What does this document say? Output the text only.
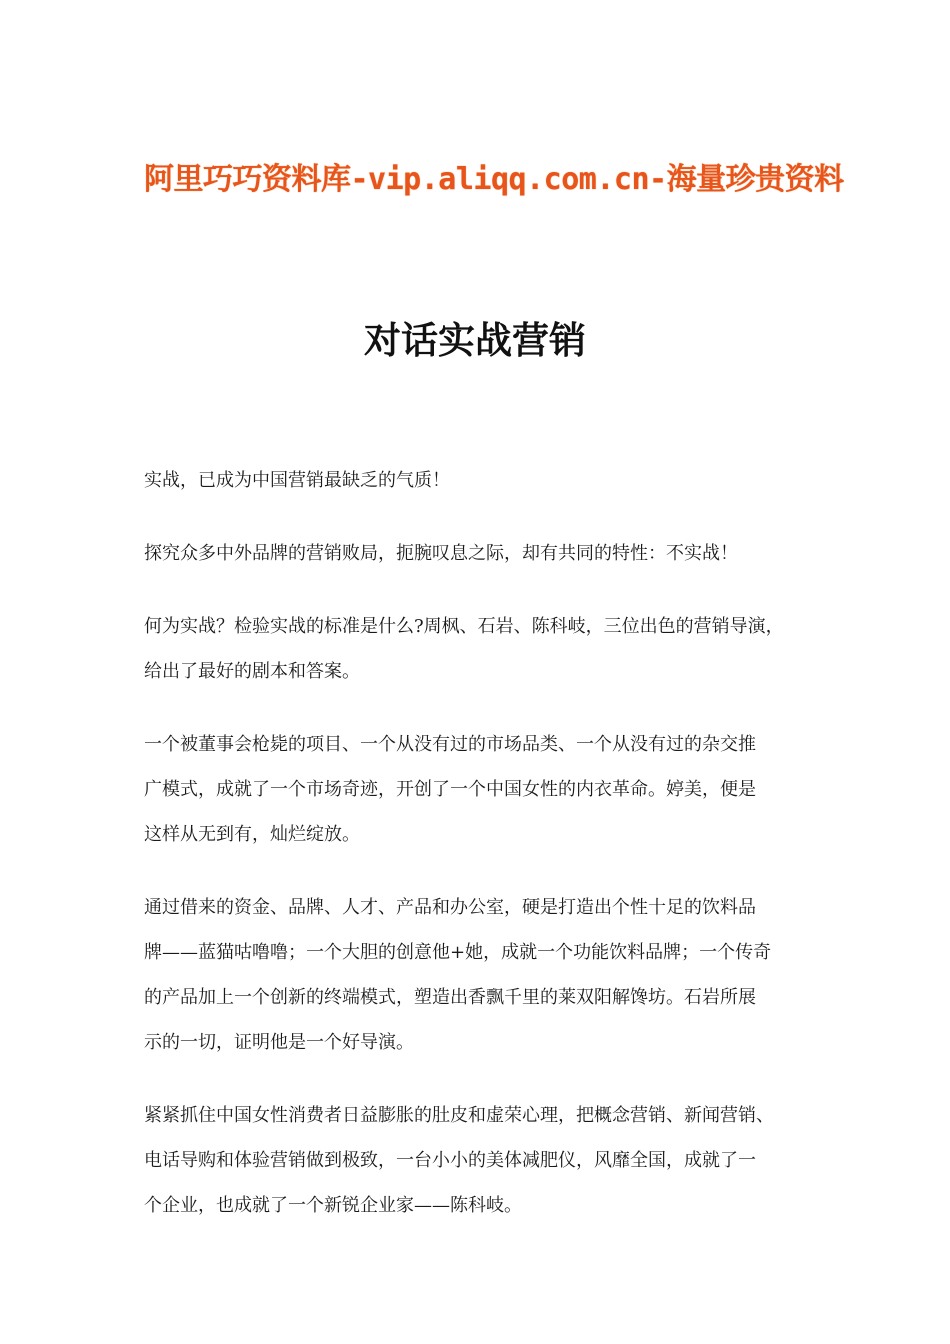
阿里巧巧资料库-vip.aliqq.com.cn-海量珍贵资料
对话实战营销

实战，已成为中国营销最缺乏的气质！

探究众多中外品牌的营销败局，扼腕叹息之际，却有共同的特性：不实战！

何为实战？检验实战的标准是什么?周枫、石岩、陈科岐，三位出色的营销导演，
给出了最好的剧本和答案。

一个被董事会枪毙的项目、一个从没有过的市场品类、一个从没有过的杂交推
广模式，成就了一个市场奇迹，开创了一个中国女性的内衣革命。婷美，便是
这样从无到有，灿烂绽放。

通过借来的资金、品牌、人才、产品和办公室，硬是打造出个性十足的饮料品
牌——蓝猫咕噜噜；一个大胆的创意他+她，成就一个功能饮料品牌；一个传奇
的产品加上一个创新的终端模式，塑造出香飘千里的莱双阳解馋坊。石岩所展
示的一切，证明他是一个好导演。

紧紧抓住中国女性消费者日益膨胀的肚皮和虚荣心理，把概念营销、新闻营销、
电话导购和体验营销做到极致，一台小小的美体减肥仪，风靡全国，成就了一
个企业，也成就了一个新锐企业家——陈科岐。
